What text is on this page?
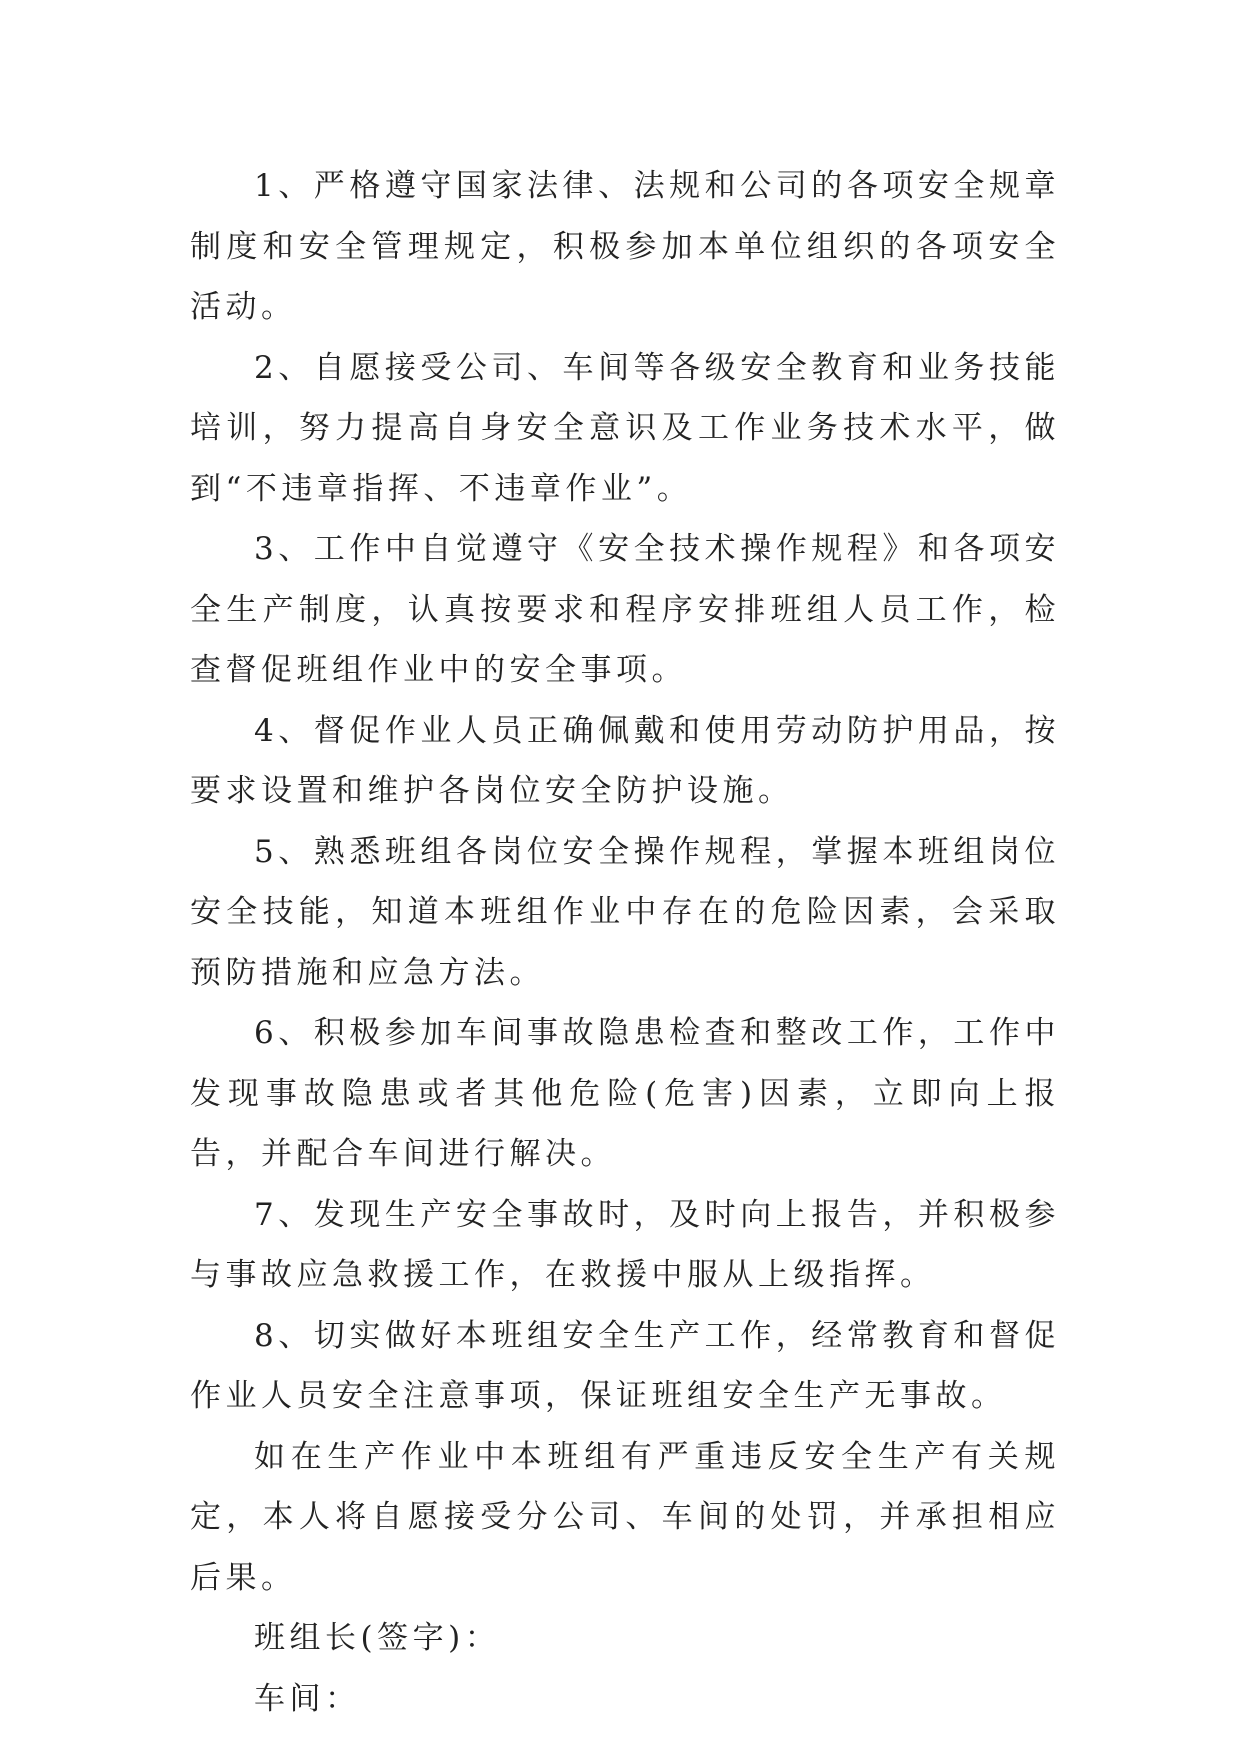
1、严格遵守国家法律、法规和公司的各项安全规章制度和安全管理规定，积极参加本单位组织的各项安全活动。

2、自愿接受公司、车间等各级安全教育和业务技能培训，努力提高自身安全意识及工作业务技术水平，做到“不违章指挥、不违章作业”。

3、工作中自觉遵守《安全技术操作规程》和各项安全生产制度，认真按要求和程序安排班组人员工作，检查督促班组作业中的安全事项。

4、督促作业人员正确佩戴和使用劳动防护用品，按要求设置和维护各岗位安全防护设施。

5、熟悉班组各岗位安全操作规程，掌握本班组岗位安全技能，知道本班组作业中存在的危险因素，会采取预防措施和应急方法。

6、积极参加车间事故隐患检查和整改工作，工作中发现事故隐患或者其他危险(危害)因素，立即向上报告，并配合车间进行解决。

7、发现生产安全事故时，及时向上报告，并积极参与事故应急救援工作，在救援中服从上级指挥。

8、切实做好本班组安全生产工作，经常教育和督促作业人员安全注意事项，保证班组安全生产无事故。

如在生产作业中本班组有严重违反安全生产有关规定，本人将自愿接受分公司、车间的处罚，并承担相应后果。

班组长(签字)：

车间：
